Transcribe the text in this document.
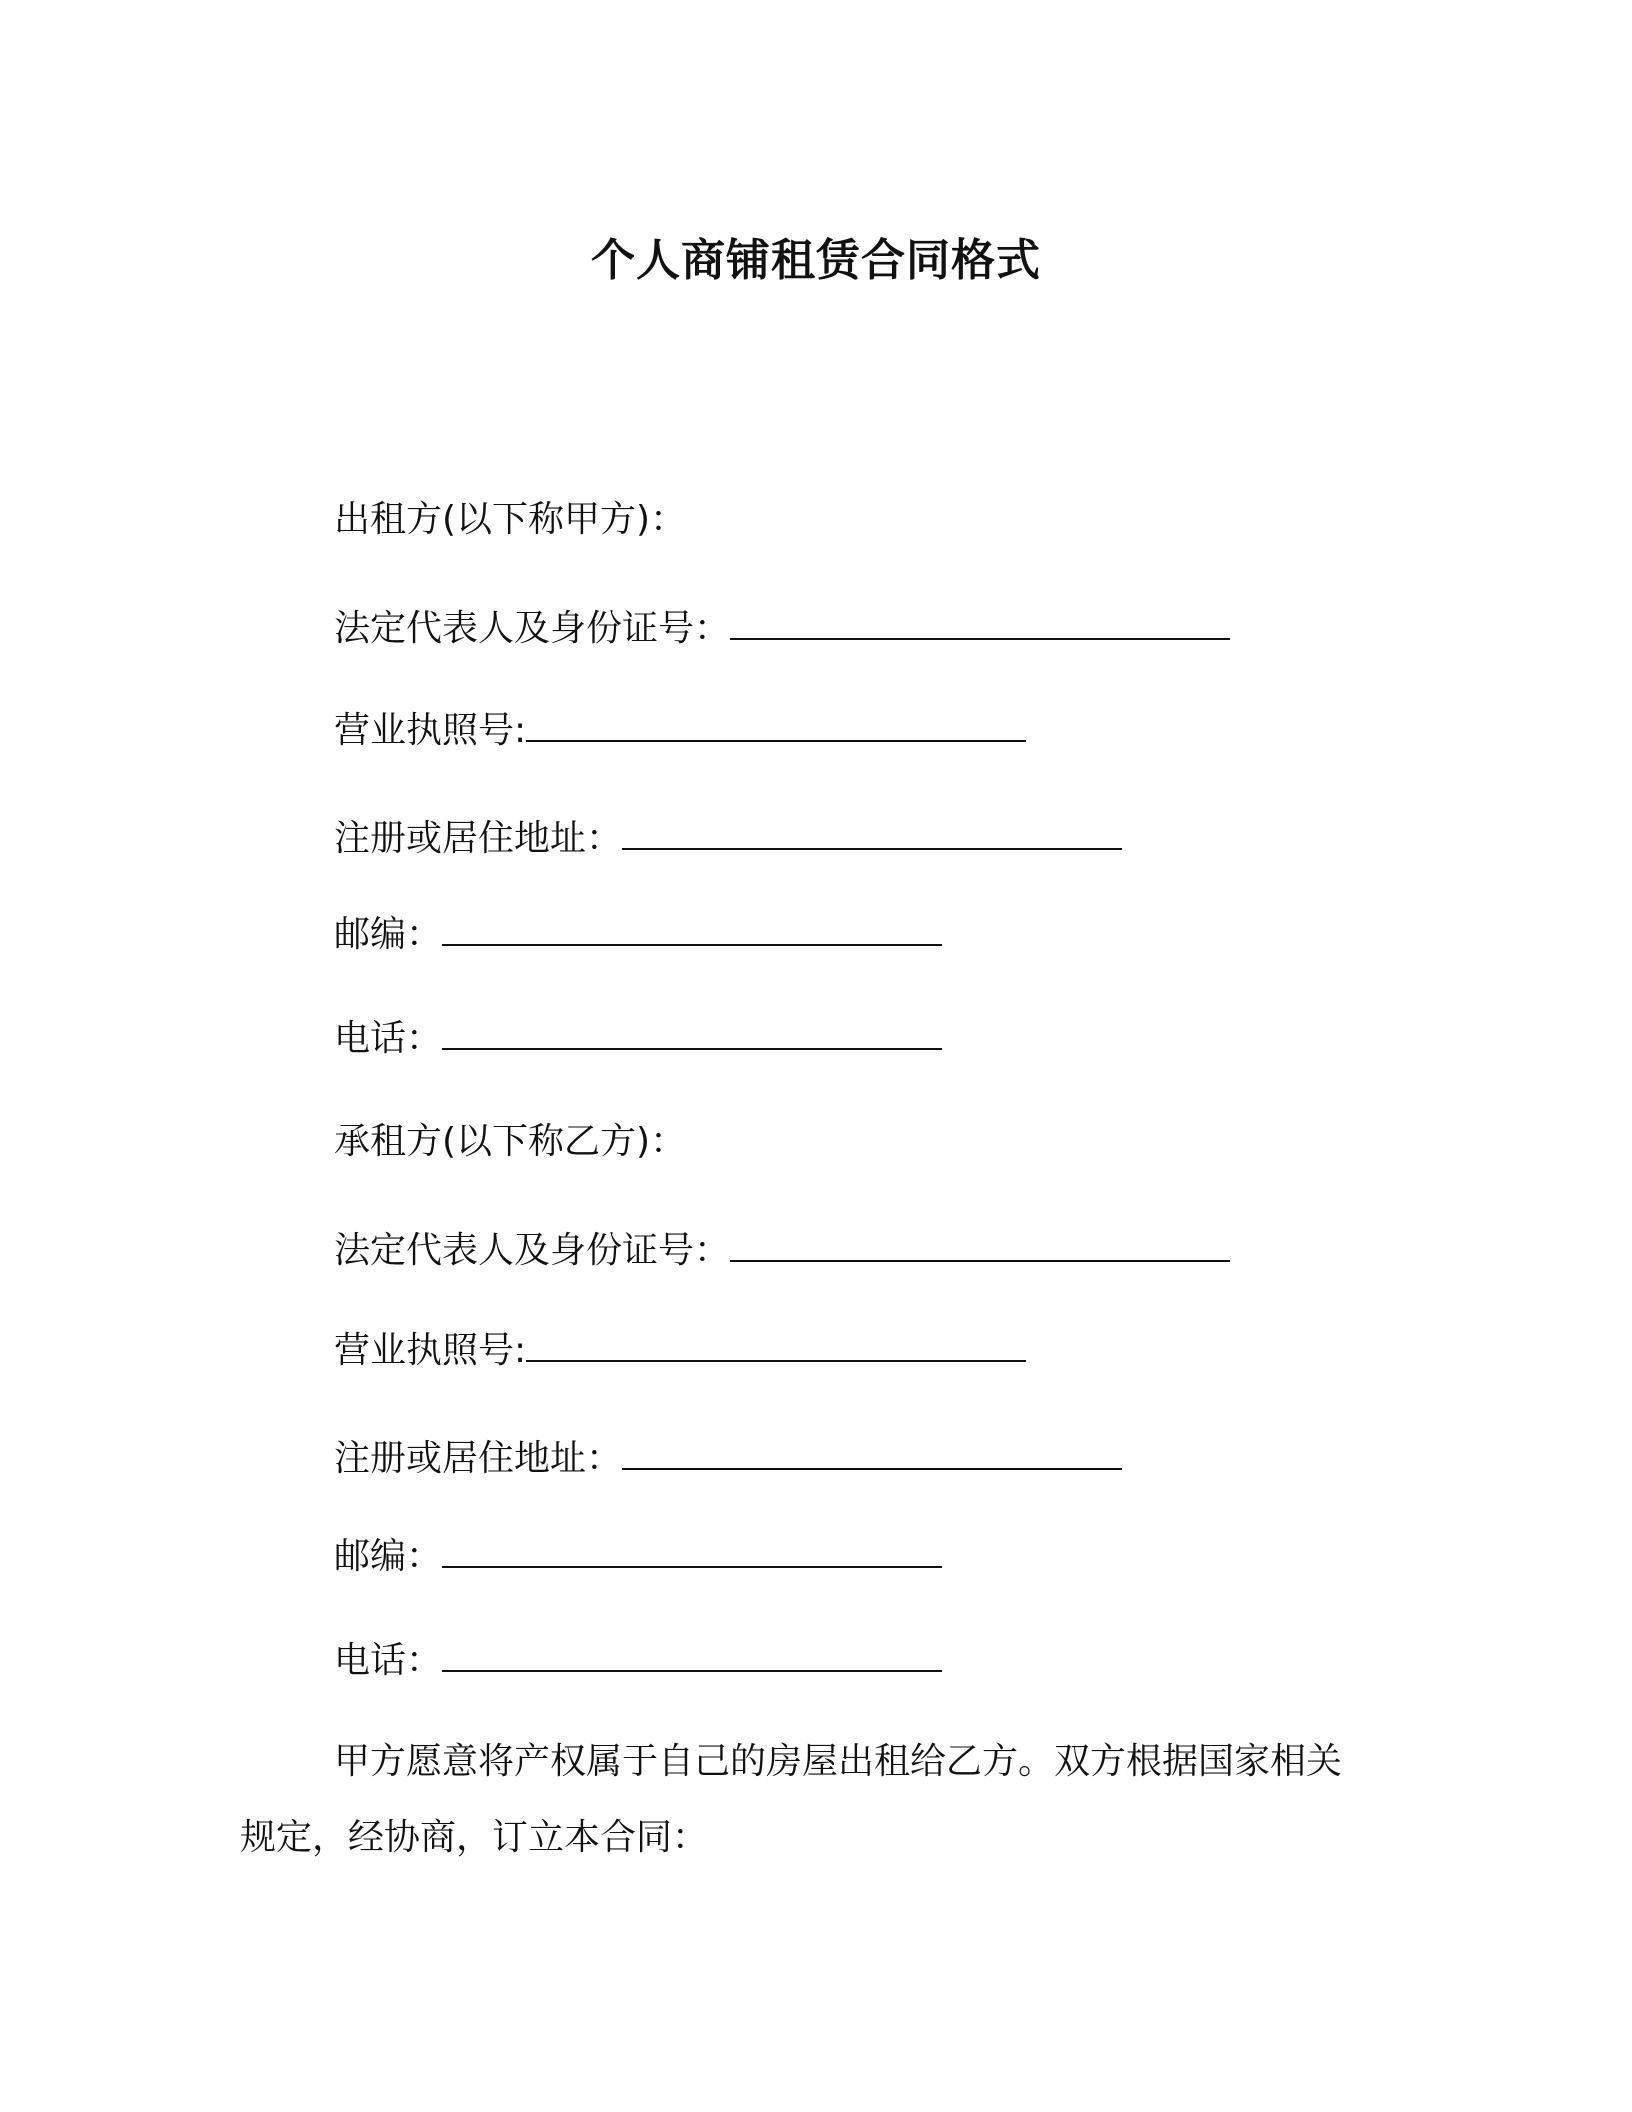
个人商铺租赁合同格式
出租方(以下称甲方)：
法定代表人及身份证号：
营业执照号:
注册或居住地址：
邮编：
电话：
承租方(以下称乙方)：
法定代表人及身份证号：
营业执照号:
注册或居住地址：
邮编：
电话：
甲方愿意将产权属于自己的房屋出租给乙方。双方根据国家相关
规定，经协商，订立本合同：
